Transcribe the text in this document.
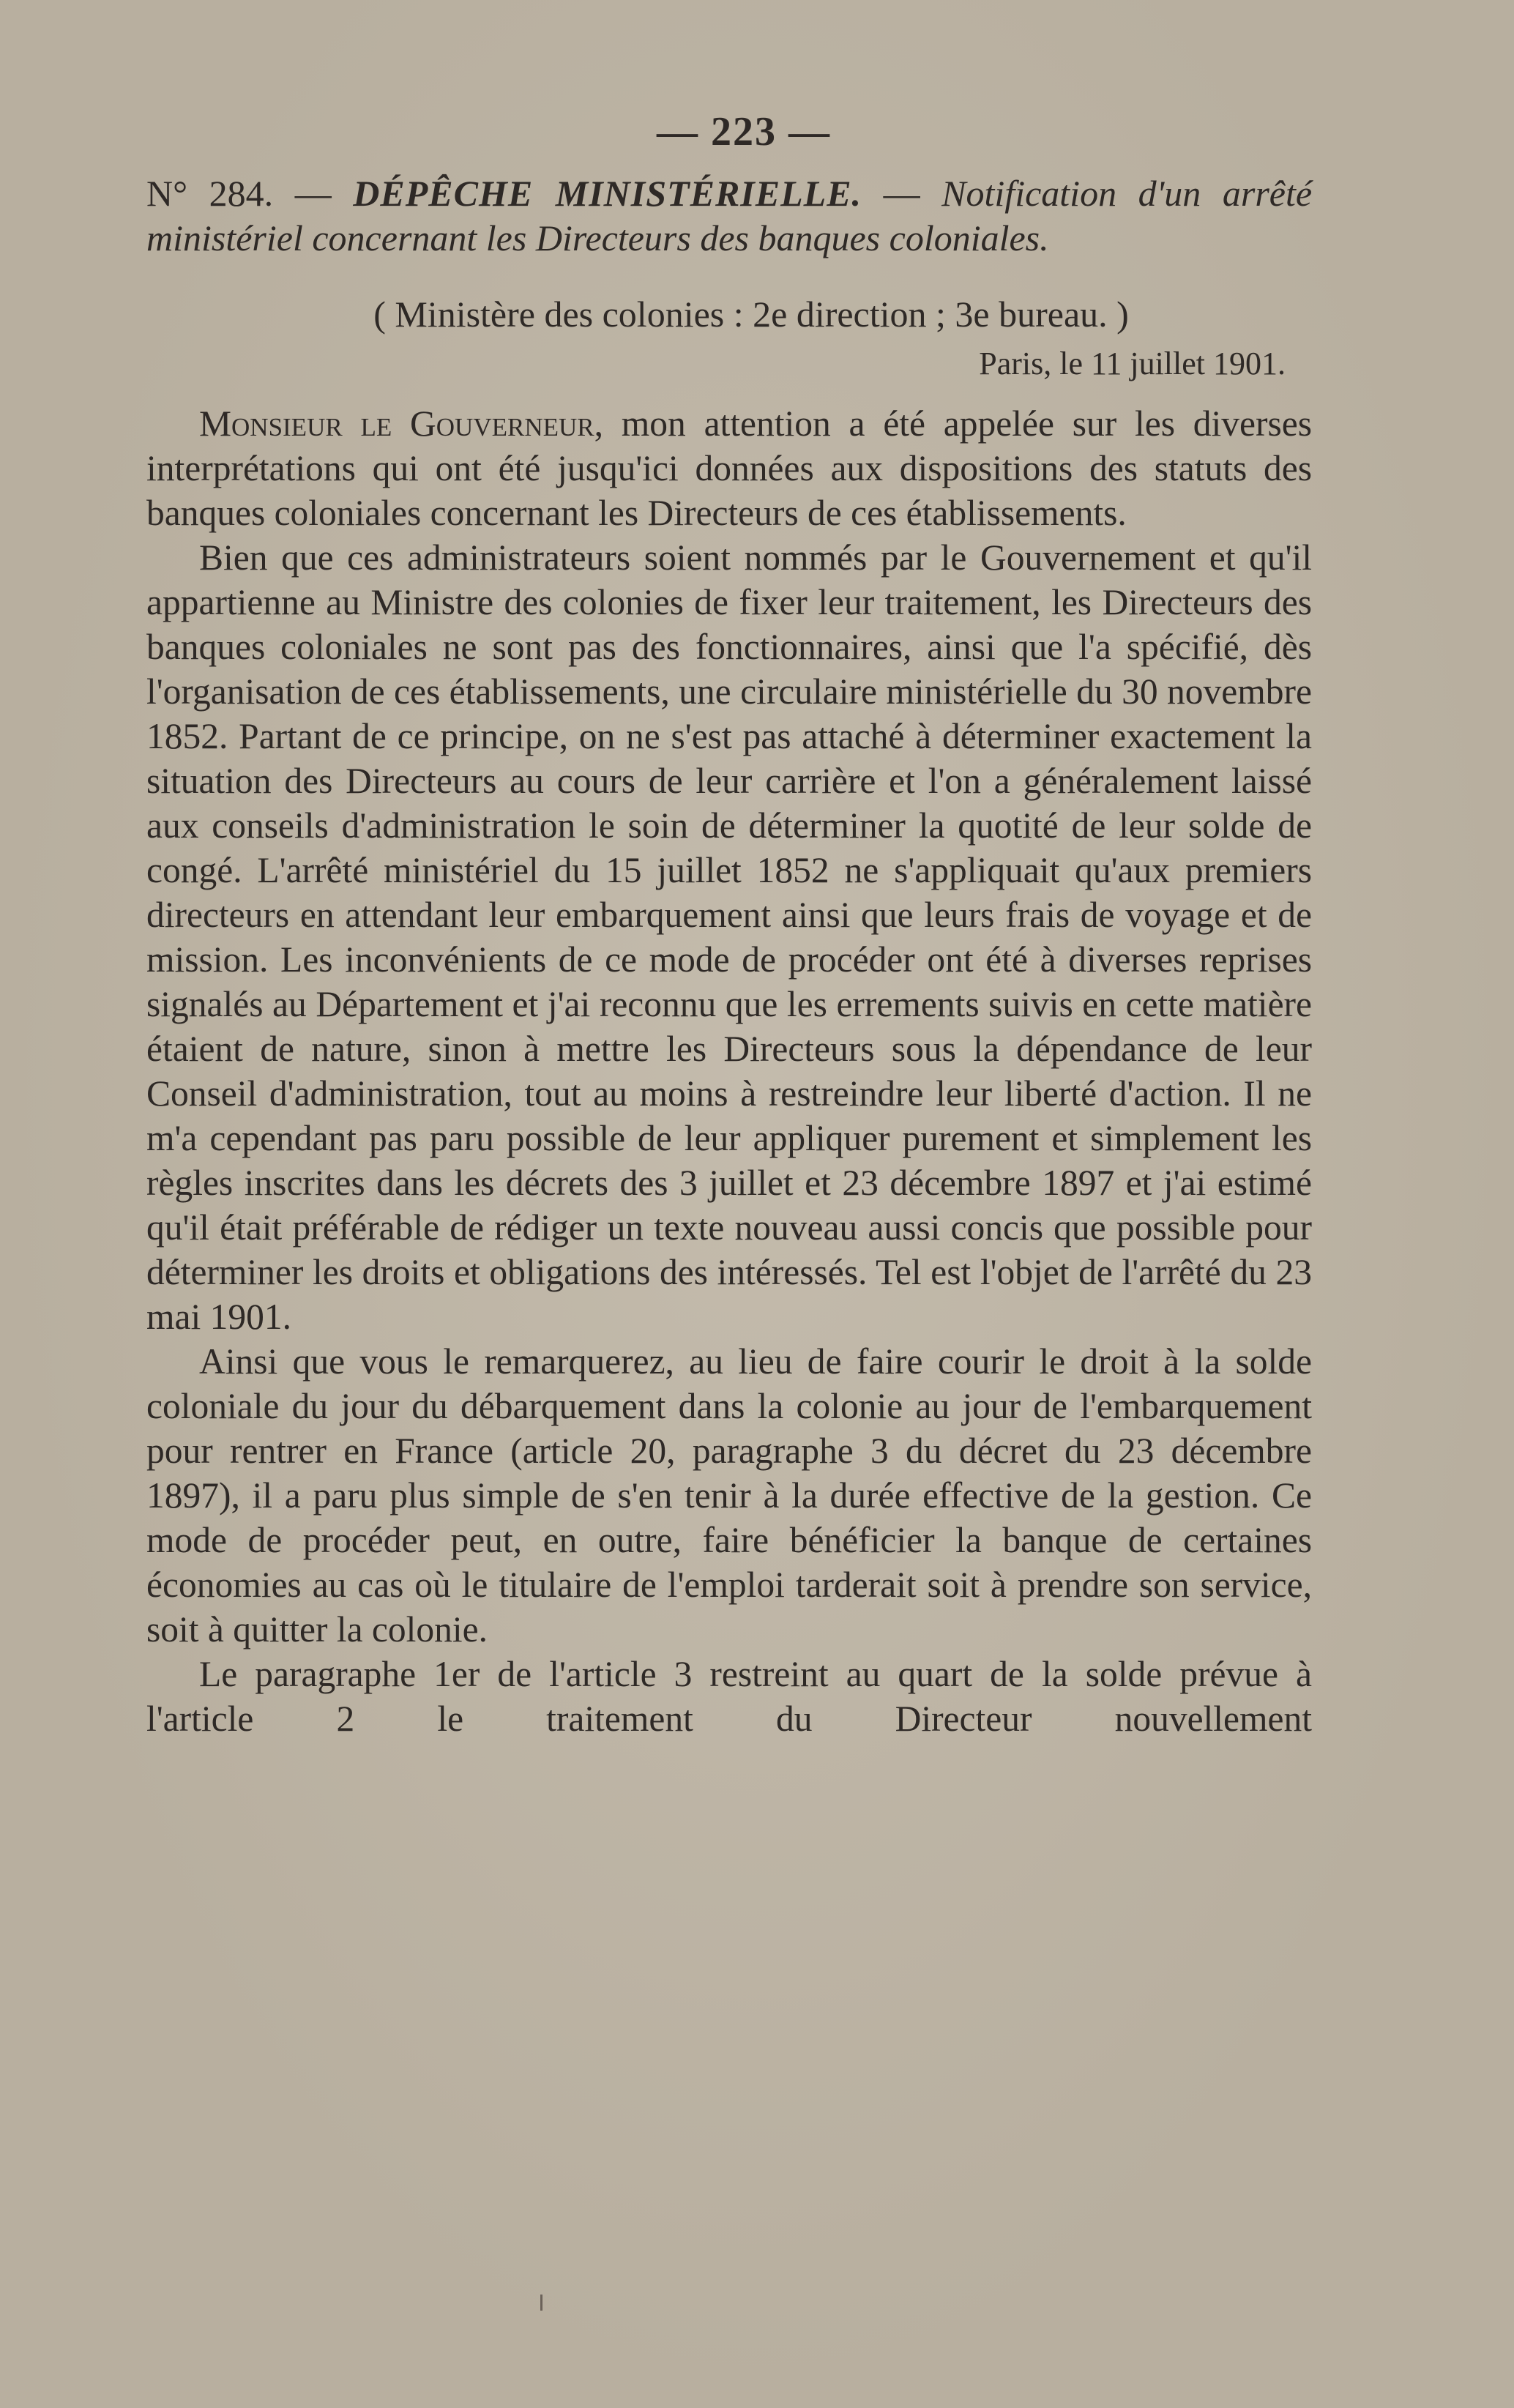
— 223 —

N° 284. — DÉPÊCHE MINISTÉRIELLE. — Notification d'un arrêté ministériel concernant les Directeurs des banques coloniales.

( Ministère des colonies : 2e direction ; 3e bureau. )

Paris, le 11 juillet 1901.

Monsieur le Gouverneur, mon attention a été appelée sur les diverses interprétations qui ont été jusqu'ici données aux dispositions des statuts des banques coloniales concernant les Directeurs de ces établissements.

Bien que ces administrateurs soient nommés par le Gouvernement et qu'il appartienne au Ministre des colonies de fixer leur traitement, les Directeurs des banques coloniales ne sont pas des fonctionnaires, ainsi que l'a spécifié, dès l'organisation de ces établissements, une circulaire ministérielle du 30 novembre 1852. Partant de ce principe, on ne s'est pas attaché à déterminer exactement la situation des Directeurs au cours de leur carrière et l'on a généralement laissé aux conseils d'administration le soin de déterminer la quotité de leur solde de congé. L'arrêté ministériel du 15 juillet 1852 ne s'appliquait qu'aux premiers directeurs en attendant leur embarquement ainsi que leurs frais de voyage et de mission. Les inconvénients de ce mode de procéder ont été à diverses reprises signalés au Département et j'ai reconnu que les errements suivis en cette matière étaient de nature, sinon à mettre les Directeurs sous la dépendance de leur Conseil d'administration, tout au moins à restreindre leur liberté d'action. Il ne m'a cependant pas paru possible de leur appliquer purement et simplement les règles inscrites dans les décrets des 3 juillet et 23 décembre 1897 et j'ai estimé qu'il était préférable de rédiger un texte nouveau aussi concis que possible pour déterminer les droits et obligations des intéressés. Tel est l'objet de l'arrêté du 23 mai 1901.

Ainsi que vous le remarquerez, au lieu de faire courir le droit à la solde coloniale du jour du débarquement dans la colonie au jour de l'embarquement pour rentrer en France (article 20, paragraphe 3 du décret du 23 décembre 1897), il a paru plus simple de s'en tenir à la durée effective de la gestion. Ce mode de procéder peut, en outre, faire bénéficier la banque de certaines économies au cas où le titulaire de l'emploi tarderait soit à prendre son service, soit à quitter la colonie.

Le paragraphe 1er de l'article 3 restreint au quart de la solde prévue à l'article 2 le traitement du Directeur nouvellement
